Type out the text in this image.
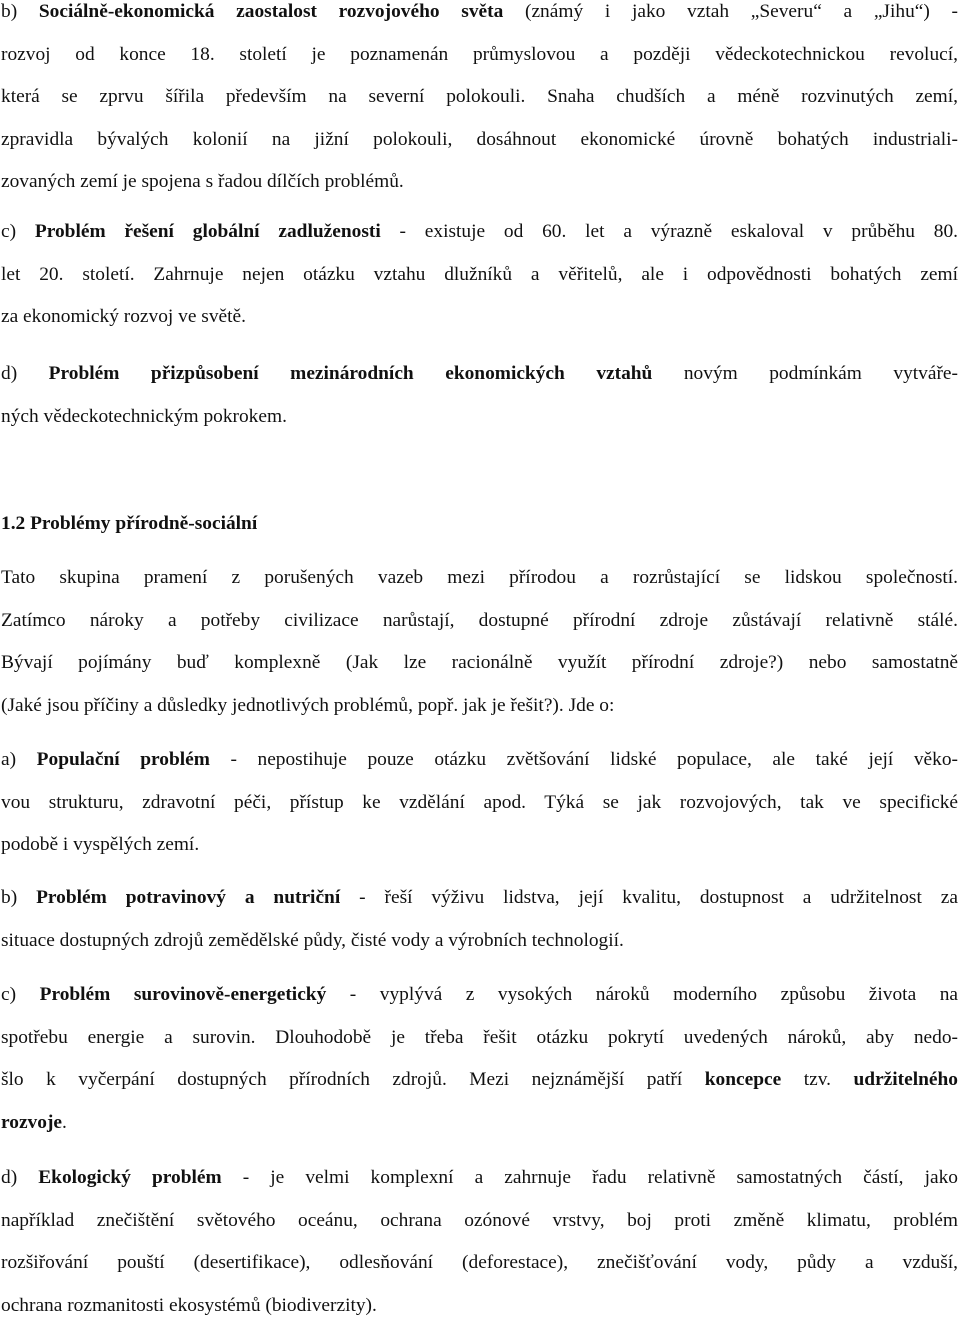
b) Sociálně-ekonomická zaostalost rozvojového světa (známý i jako vztah „Severu“ a „Jihu“) -
rozvoj od konce 18. století je poznamenán průmyslovou a později vědeckotechnickou revolucí,
která se zprvu šířila především na severní polokouli. Snaha chudších a méně rozvinutých zemí,
zpravidla bývalých kolonií na jižní polokouli, dosáhnout ekonomické úrovně bohatých industriali-
zovaných zemí je spojena s řadou dílčích problémů.
c) Problém řešení globální zadluženosti - existuje od 60. let a výrazně eskaloval v průběhu 80.
let 20. století. Zahrnuje nejen otázku vztahu dlužníků a věřitelů, ale i odpovědnosti bohatých zemí
za ekonomický rozvoj ve světě.
d) Problém přizpůsobení mezinárodních ekonomických vztahů novým podmínkám vytváře-
ných vědeckotechnickým pokrokem.
1.2 Problémy přírodně-sociální
Tato skupina pramení z porušených vazeb mezi přírodou a rozrůstající se lidskou společností.
Zatímco nároky a potřeby civilizace narůstají, dostupné přírodní zdroje zůstávají relativně stálé.
Bývají pojímány buď komplexně (Jak lze racionálně využít přírodní zdroje?) nebo samostatně
(Jaké jsou příčiny a důsledky jednotlivých problémů, popř. jak je řešit?). Jde o:
a) Populační problém - nepostihuje pouze otázku zvětšování lidské populace, ale také její věko-
vou strukturu, zdravotní péči, přístup ke vzdělání apod. Týká se jak rozvojových, tak ve specifické
podobě i vyspělých zemí.
b) Problém potravinový a nutriční - řeší výživu lidstva, její kvalitu, dostupnost a udržitelnost za
situace dostupných zdrojů zemědělské půdy, čisté vody a výrobních technologií.
c) Problém surovinově-energetický - vyplývá z vysokých nároků moderního způsobu života na
spotřebu energie a surovin. Dlouhodobě je třeba řešit otázku pokrytí uvedených nároků, aby nedo-
šlo k vyčerpání dostupných přírodních zdrojů. Mezi nejznámější patří koncepce tzv. udržitelného
rozvoje.
d) Ekologický problém - je velmi komplexní a zahrnuje řadu relativně samostatných částí, jako
například znečištění světového oceánu, ochrana ozónové vrstvy, boj proti změně klimatu, problém
rozšiřování pouští (desertifikace), odlesňování (deforestace), znečišťování vody, půdy a vzduší,
ochrana rozmanitosti ekosystémů (biodiverzity).
